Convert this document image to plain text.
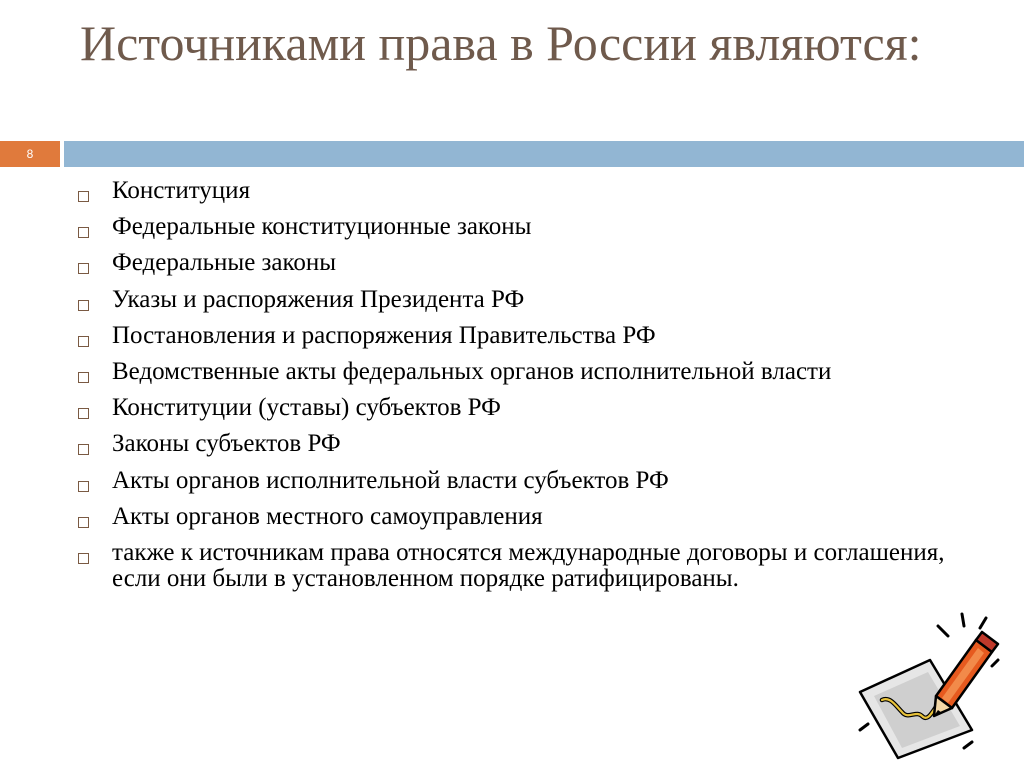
Источниками права в России являются:
8
Конституция
Федеральные конституционные законы
Федеральные законы
Указы и распоряжения Президента РФ
Постановления и распоряжения Правительства РФ
Ведомственные акты федеральных органов исполнительной власти
Конституции (уставы) субъектов РФ
Законы субъектов РФ
Акты органов исполнительной власти субъектов РФ
Акты органов местного самоуправления
также к источникам права относятся международные договоры и соглашения, если они были в установленном порядке ратифицированы.
